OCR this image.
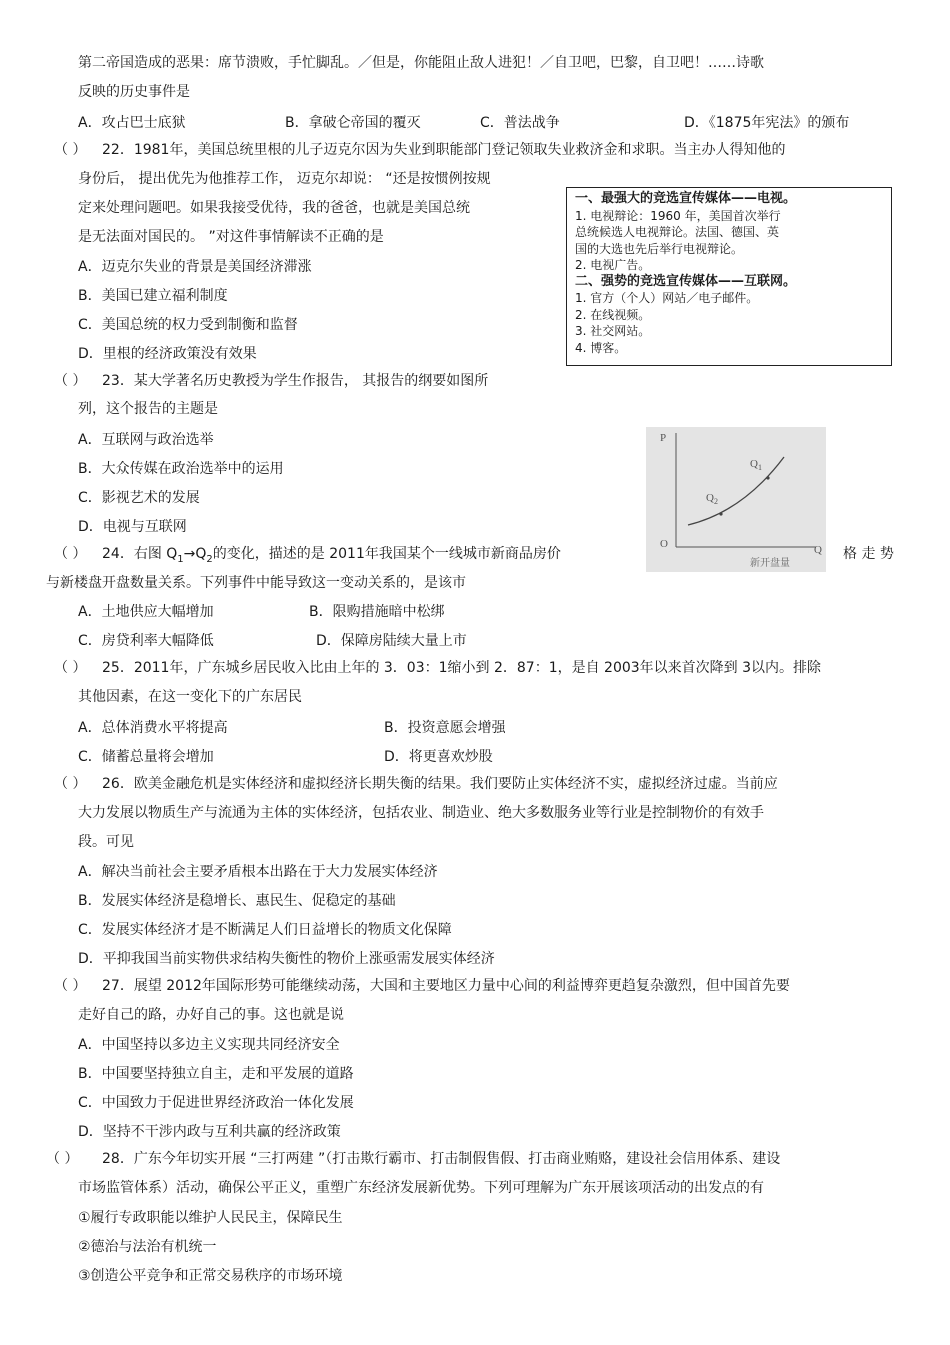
第二帝国造成的恶果：席节溃败，手忙脚乱。／但是，你能阻止敌人进犯！／自卫吧，巴黎，自卫吧！……诗歌
反映的历史事件是
A．攻占巴士底狱	B．拿破仑帝国的覆灭	C．普法战争	D．《1875年宪法》的颁布
（ ） 22．1981年，美国总统里根的儿子迈克尔因为失业到职能部门登记领取失业救济金和求职。当主办人得知他的
身份后， 提出优先为他推荐工作， 迈克尔却说： “还是按惯例按规
定来处理问题吧。如果我接受优待，我的爸爸，也就是美国总统
是无法面对国民的。 ”对这件事情解读不正确的是
A．迈克尔失业的背景是美国经济滞涨
B．美国已建立福利制度
C．美国总统的权力受到制衡和监督
D．里根的经济政策没有效果
一、最强大的竞选宣传媒体——电视。
1. 电视辩论：1960 年，美国首次举行
总统候选人电视辩论。法国、德国、英
国的大选也先后举行电视辩论。
2. 电视广告。
二、强势的竞选宣传媒体——互联网。
1. 官方（个人）网站／电子邮件。
2. 在线视频。
3. 社交网站。
4. 博客。
（ ） 23．某大学著名历史教授为学生作报告， 其报告的纲要如图所
列，这个报告的主题是
A．互联网与政治选举
B．大众传媒在政治选举中的运用
C．影视艺术的发展
D．电视与互联网
P
Q
O
$Q_1$
$Q_2$
新开盘量
（ ） 24．右图 $Q_1\to Q_2$的变化，描述的是 2011年我国某个一线城市新商品房价	格 走 势
与新楼盘开盘数量关系。下列事件中能导致这一变动关系的，是该市
A．土地供应大幅增加	B．限购措施暗中松绑
C．房贷利率大幅降低	D．保障房陆续大量上市
（ ） 25．2011年，广东城乡居民收入比由上年的 3．03：1缩小到 2．87：1，是自 2003年以来首次降到 3以内。排除
其他因素，在这一变化下的广东居民
A．总体消费水平将提高	B．投资意愿会增强
C．储蓄总量将会增加	D．将更喜欢炒股
（ ） 26．欧美金融危机是实体经济和虚拟经济长期失衡的结果。我们要防止实体经济不实，虚拟经济过虚。当前应
大力发展以物质生产与流通为主体的实体经济，包括农业、制造业、绝大多数服务业等行业是控制物价的有效手
段。可见
A．解决当前社会主要矛盾根本出路在于大力发展实体经济
B．发展实体经济是稳增长、惠民生、促稳定的基础
C．发展实体经济才是不断满足人们日益增长的物质文化保障
D．平抑我国当前实物供求结构失衡性的物价上涨亟需发展实体经济
（ ） 27．展望 2012年国际形势可能继续动荡，大国和主要地区力量中心间的利益博弈更趋复杂激烈，但中国首先要
走好自己的路，办好自己的事。这也就是说
A．中国坚持以多边主义实现共同经济安全
B．中国要坚持独立自主，走和平发展的道路
C．中国致力于促进世界经济政治一体化发展
D．坚持不干涉内政与互利共赢的经济政策
（ ） 28．广东今年切实开展 “三打两建 ”（打击欺行霸市、打击制假售假、打击商业贿赂，建设社会信用体系、建设
市场监管体系）活动，确保公平正义，重塑广东经济发展新优势。下列可理解为广东开展该项活动的出发点的有
①履行专政职能以维护人民民主，保障民生
②德治与法治有机统一
③创造公平竞争和正常交易秩序的市场环境
